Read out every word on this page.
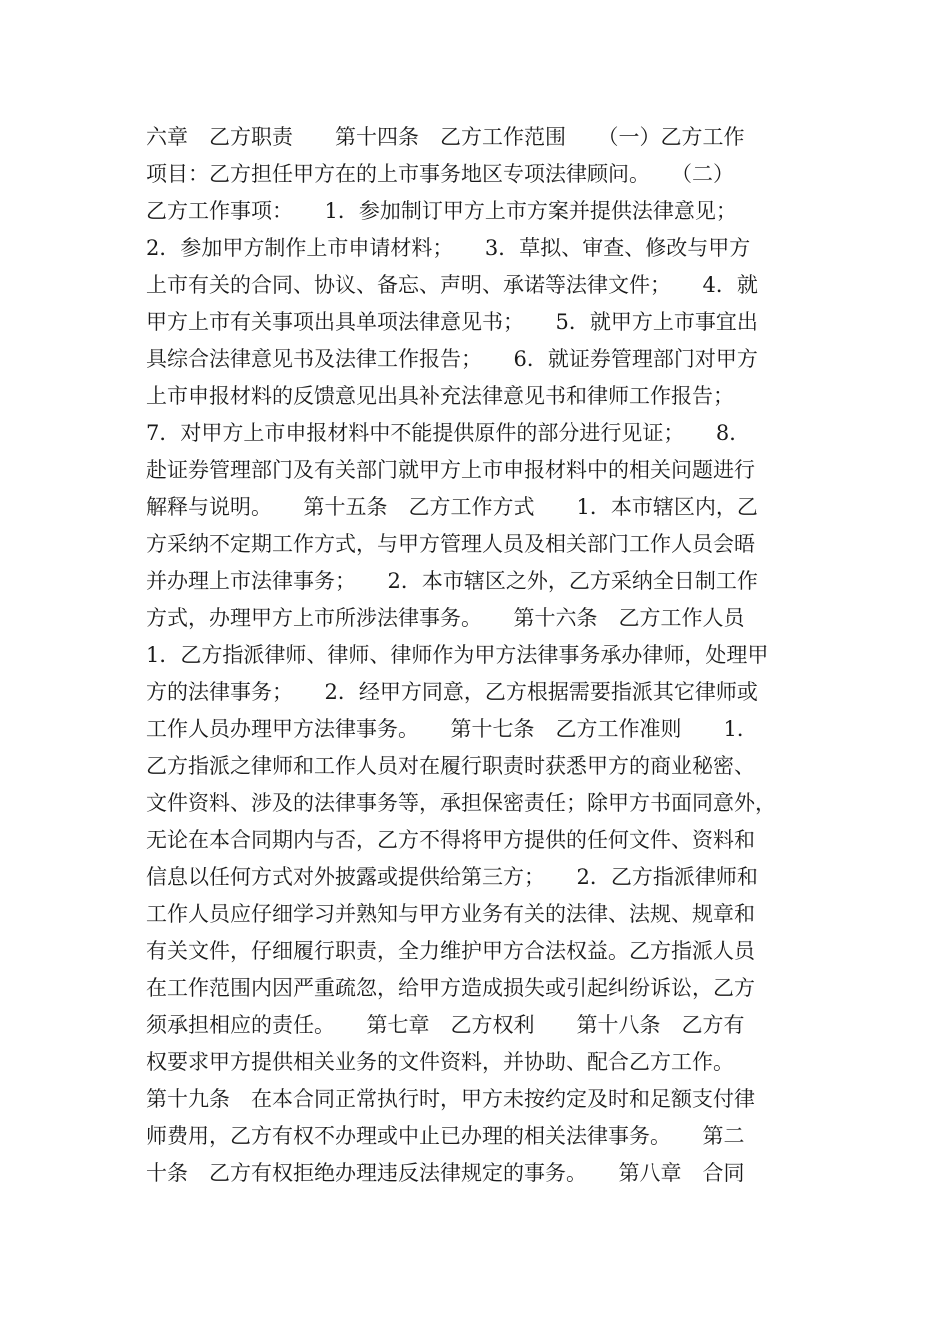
六章　乙方职责　　第十四条　乙方工作范围　　（一）乙方工作
项目：乙方担任甲方在的上市事务地区专项法律顾问。　　（二）
乙方工作事项：　　1．参加制订甲方上市方案并提供法律意见；
2．参加甲方制作上市申请材料；　　3．草拟、审查、修改与甲方
上市有关的合同、协议、备忘、声明、承诺等法律文件；　　4．就
甲方上市有关事项出具单项法律意见书；　　5．就甲方上市事宜出
具综合法律意见书及法律工作报告；　　6．就证券管理部门对甲方
上市申报材料的反馈意见出具补充法律意见书和律师工作报告；
7．对甲方上市申报材料中不能提供原件的部分进行见证；　　8．
赴证券管理部门及有关部门就甲方上市申报材料中的相关问题进行
解释与说明。　　第十五条　乙方工作方式　　1．本市辖区内，乙
方采纳不定期工作方式，与甲方管理人员及相关部门工作人员会晤
并办理上市法律事务；　　2．本市辖区之外，乙方采纳全日制工作
方式，办理甲方上市所涉法律事务。　　第十六条　乙方工作人员
1．乙方指派律师、律师、律师作为甲方法律事务承办律师，处理甲
方的法律事务；　　2．经甲方同意，乙方根据需要指派其它律师或
工作人员办理甲方法律事务。　　第十七条　乙方工作准则　　1．
乙方指派之律师和工作人员对在履行职责时获悉甲方的商业秘密、
文件资料、涉及的法律事务等，承担保密责任；除甲方书面同意外，
无论在本合同期内与否，乙方不得将甲方提供的任何文件、资料和
信息以任何方式对外披露或提供给第三方；　　2．乙方指派律师和
工作人员应仔细学习并熟知与甲方业务有关的法律、法规、规章和
有关文件，仔细履行职责，全力维护甲方合法权益。乙方指派人员
在工作范围内因严重疏忽，给甲方造成损失或引起纠纷诉讼，乙方
须承担相应的责任。　　第七章　乙方权利　　第十八条　乙方有
权要求甲方提供相关业务的文件资料，并协助、配合乙方工作。
第十九条　在本合同正常执行时，甲方未按约定及时和足额支付律
师费用，乙方有权不办理或中止已办理的相关法律事务。　　第二
十条　乙方有权拒绝办理违反法律规定的事务。　　第八章　合同
